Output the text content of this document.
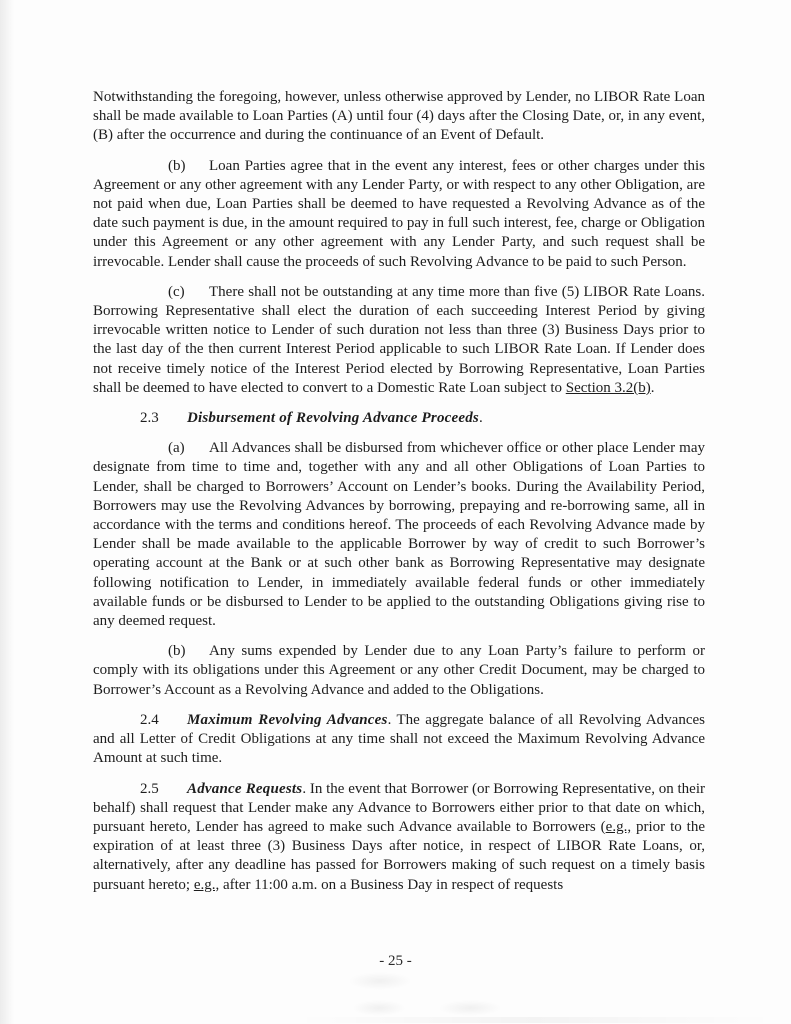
Notwithstanding the foregoing, however, unless otherwise approved by Lender, no LIBOR Rate Loan shall be made available to Loan Parties (A) until four (4) days after the Closing Date, or, in any event, (B) after the occurrence and during the continuance of an Event of Default.

(b) Loan Parties agree that in the event any interest, fees or other charges under this Agreement or any other agreement with any Lender Party, or with respect to any other Obligation, are not paid when due, Loan Parties shall be deemed to have requested a Revolving Advance as of the date such payment is due, in the amount required to pay in full such interest, fee, charge or Obligation under this Agreement or any other agreement with any Lender Party, and such request shall be irrevocable. Lender shall cause the proceeds of such Revolving Advance to be paid to such Person.

(c) There shall not be outstanding at any time more than five (5) LIBOR Rate Loans. Borrowing Representative shall elect the duration of each succeeding Interest Period by giving irrevocable written notice to Lender of such duration not less than three (3) Business Days prior to the last day of the then current Interest Period applicable to such LIBOR Rate Loan. If Lender does not receive timely notice of the Interest Period elected by Borrowing Representative, Loan Parties shall be deemed to have elected to convert to a Domestic Rate Loan subject to Section 3.2(b).

2.3 Disbursement of Revolving Advance Proceeds.

(a) All Advances shall be disbursed from whichever office or other place Lender may designate from time to time and, together with any and all other Obligations of Loan Parties to Lender, shall be charged to Borrowers’ Account on Lender’s books. During the Availability Period, Borrowers may use the Revolving Advances by borrowing, prepaying and re-borrowing same, all in accordance with the terms and conditions hereof. The proceeds of each Revolving Advance made by Lender shall be made available to the applicable Borrower by way of credit to such Borrower’s operating account at the Bank or at such other bank as Borrowing Representative may designate following notification to Lender, in immediately available federal funds or other immediately available funds or be disbursed to Lender to be applied to the outstanding Obligations giving rise to any deemed request.

(b) Any sums expended by Lender due to any Loan Party’s failure to perform or comply with its obligations under this Agreement or any other Credit Document, may be charged to Borrower’s Account as a Revolving Advance and added to the Obligations.

2.4 Maximum Revolving Advances. The aggregate balance of all Revolving Advances and all Letter of Credit Obligations at any time shall not exceed the Maximum Revolving Advance Amount at such time.

2.5 Advance Requests. In the event that Borrower (or Borrowing Representative, on their behalf) shall request that Lender make any Advance to Borrowers either prior to that date on which, pursuant hereto, Lender has agreed to make such Advance available to Borrowers (e.g., prior to the expiration of at least three (3) Business Days after notice, in respect of LIBOR Rate Loans, or, alternatively, after any deadline has passed for Borrowers making of such request on a timely basis pursuant hereto; e.g., after 11:00 a.m. on a Business Day in respect of requests

- 25 -
